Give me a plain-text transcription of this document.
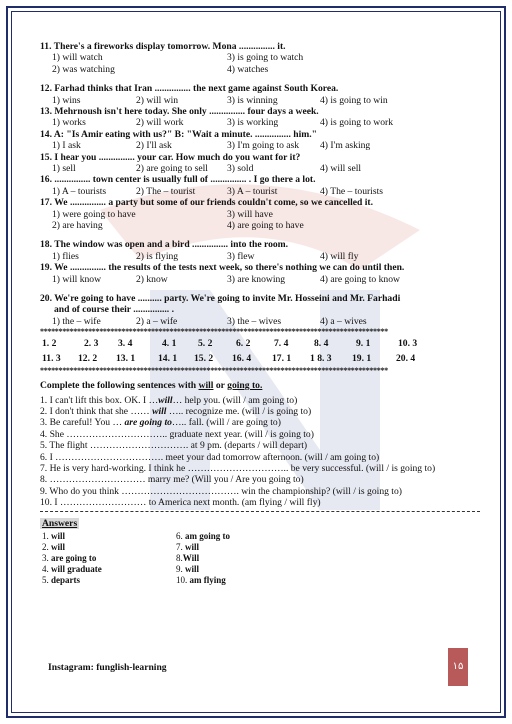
11. There's a fireworks display tomorrow. Mona ............... it.
1) will watch	3) is going to watch
2) was watching	4) watches
12. Farhad thinks that Iran ............... the next game against South Korea.
1) wins	2) will win	3) is winning	4) is going to win
13. Mehrnoush isn't here today. She only ............... four days a week.
1) works	2) will work	3) is working	4) is going to work
14. A: "Is Amir eating with us?" B: "Wait a minute. ............... him."
1) I ask	2) I'll ask	3) I'm going to ask 4) I'm asking
15. I hear you ............... your car. How much do you want for it?
1) sell	2) are going to sell 3) sold	4) will sell
16. ............... town center is usually full of ............... . I go there a lot.
1) A – tourists	2) The – tourist	3) A – tourist	4) The – tourists
17. We ............... a party but some of our friends couldn't come, so we cancelled it.
1) were going to have	3) will have
2) are having	4) are going to have
18. The window was open and a bird ............... into the room.
1) flies	2) is flying	3) flew	4) will fly
19. We ............... the results of the tests next week, so there's nothing we can do until then.
1) will know	2) know	3) are knowing	4) are going to know
20. We're going to have .......... party. We're going to invite Mr. Hosseini and Mr. Farhadi
and of course their ............... .
1) the – wife	2) a – wife	3) the – wives	4) a – wives
**********************************************************************************************
1. 2	2. 3 3. 4	4. 1 5. 2 6. 2 7. 4	8. 4	9. 1	10. 3
11. 3 12. 2 13. 1 14. 1 15. 2 16. 4 17. 1 1 8. 3 19. 1	20. 4
**********************************************************************************************
Complete the following sentences with will or going to.
1. I can't lift this box. OK. I …will… help you. (will / am going to)
2. I don't think that she …… will ….. recognize me. (will / is going to)
3. Be careful! You … are going to….. fall. (will / are going to)
4. She ………………………….. graduate next year. (will / is going to)
5. The flight …………………………. at 9 pm. (departs / will depart)
6. I ……………………………. meet your dad tomorrow afternoon. (will / am going to)
7. He is very hard-working. I think he ………………………….. be very successful. (will / is going to)
8. ………………………… marry me? (Will you / Are you going to)
9. Who do you think ………………………………. win the championship? (will / is going to)
10. I ……………………… to America next month. (am flying / will fly)
Answers
1. will	6. am going to
2. will	7. will
3. are going to	8.Will
4. will graduate	9. will
5. departs	10. am flying
Instagram: funglish-learning	۱۵
